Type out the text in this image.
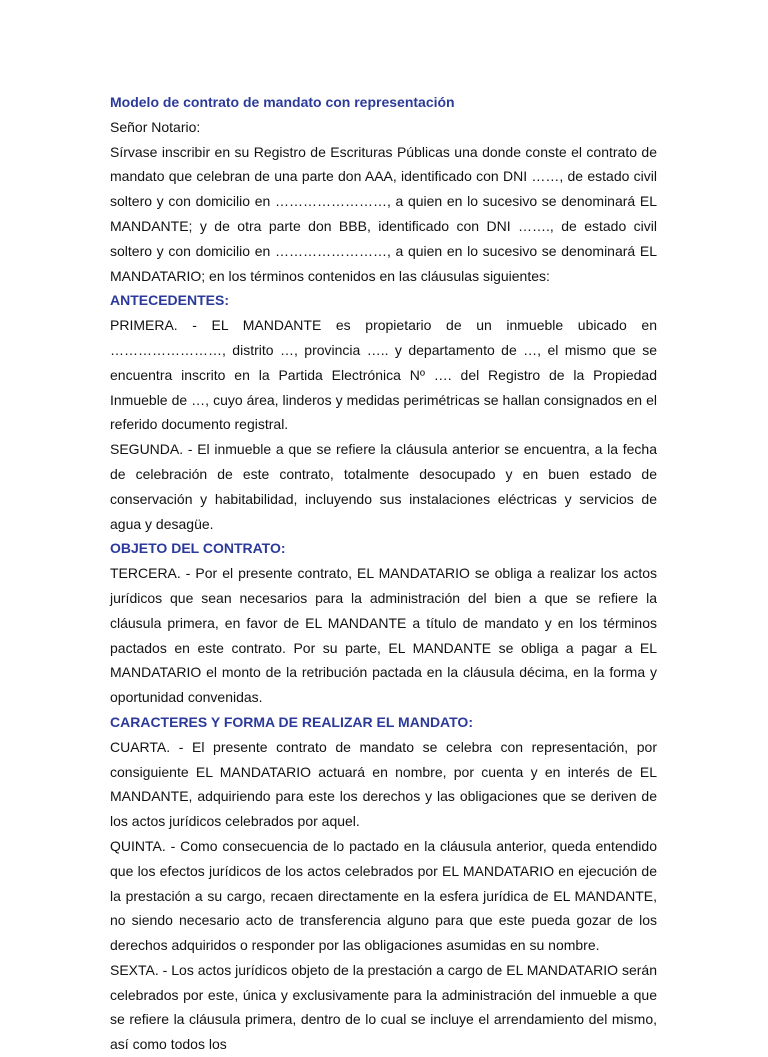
Modelo de contrato de mandato con representación

Señor Notario:

Sírvase inscribir en su Registro de Escrituras Públicas una donde conste el contrato de mandato que celebran de una parte don AAA, identificado con DNI ……, de estado civil soltero y con domicilio en ……………………, a quien en lo sucesivo se denominará EL MANDANTE; y de otra parte don BBB, identificado con DNI ……., de estado civil soltero y con domicilio en ……………………, a quien en lo sucesivo se denominará EL MANDATARIO; en los términos contenidos en las cláusulas siguientes:

ANTECEDENTES:

PRIMERA. - EL MANDANTE es propietario de un inmueble ubicado en ……………………, distrito …, provincia ….. y departamento de …, el mismo que se encuentra inscrito en la Partida Electrónica Nº …. del Registro de la Propiedad Inmueble de …, cuyo área, linderos y medidas perimétricas se hallan consignados en el referido documento registral.

SEGUNDA. - El inmueble a que se refiere la cláusula anterior se encuentra, a la fecha de celebración de este contrato, totalmente desocupado y en buen estado de conservación y habitabilidad, incluyendo sus instalaciones eléctricas y servicios de agua y desagüe.

OBJETO DEL CONTRATO:

TERCERA. - Por el presente contrato, EL MANDATARIO se obliga a realizar los actos jurídicos que sean necesarios para la administración del bien a que se refiere la cláusula primera, en favor de EL MANDANTE a título de mandato y en los términos pactados en este contrato. Por su parte, EL MANDANTE se obliga a pagar a EL MANDATARIO el monto de la retribución pactada en la cláusula décima, en la forma y oportunidad convenidas.

CARACTERES Y FORMA DE REALIZAR EL MANDATO:

CUARTA. - El presente contrato de mandato se celebra con representación, por consiguiente EL MANDATARIO actuará en nombre, por cuenta y en interés de EL MANDANTE, adquiriendo para este los derechos y las obligaciones que se deriven de los actos jurídicos celebrados por aquel.

QUINTA. - Como consecuencia de lo pactado en la cláusula anterior, queda entendido que los efectos jurídicos de los actos celebrados por EL MANDATARIO en ejecución de la prestación a su cargo, recaen directamente en la esfera jurídica de EL MANDANTE, no siendo necesario acto de transferencia alguno para que este pueda gozar de los derechos adquiridos o responder por las obligaciones asumidas en su nombre.

SEXTA. - Los actos jurídicos objeto de la prestación a cargo de EL MANDATARIO serán celebrados por este, única y exclusivamente para la administración del inmueble a que se refiere la cláusula primera, dentro de lo cual se incluye el arrendamiento del mismo, así como todos los
